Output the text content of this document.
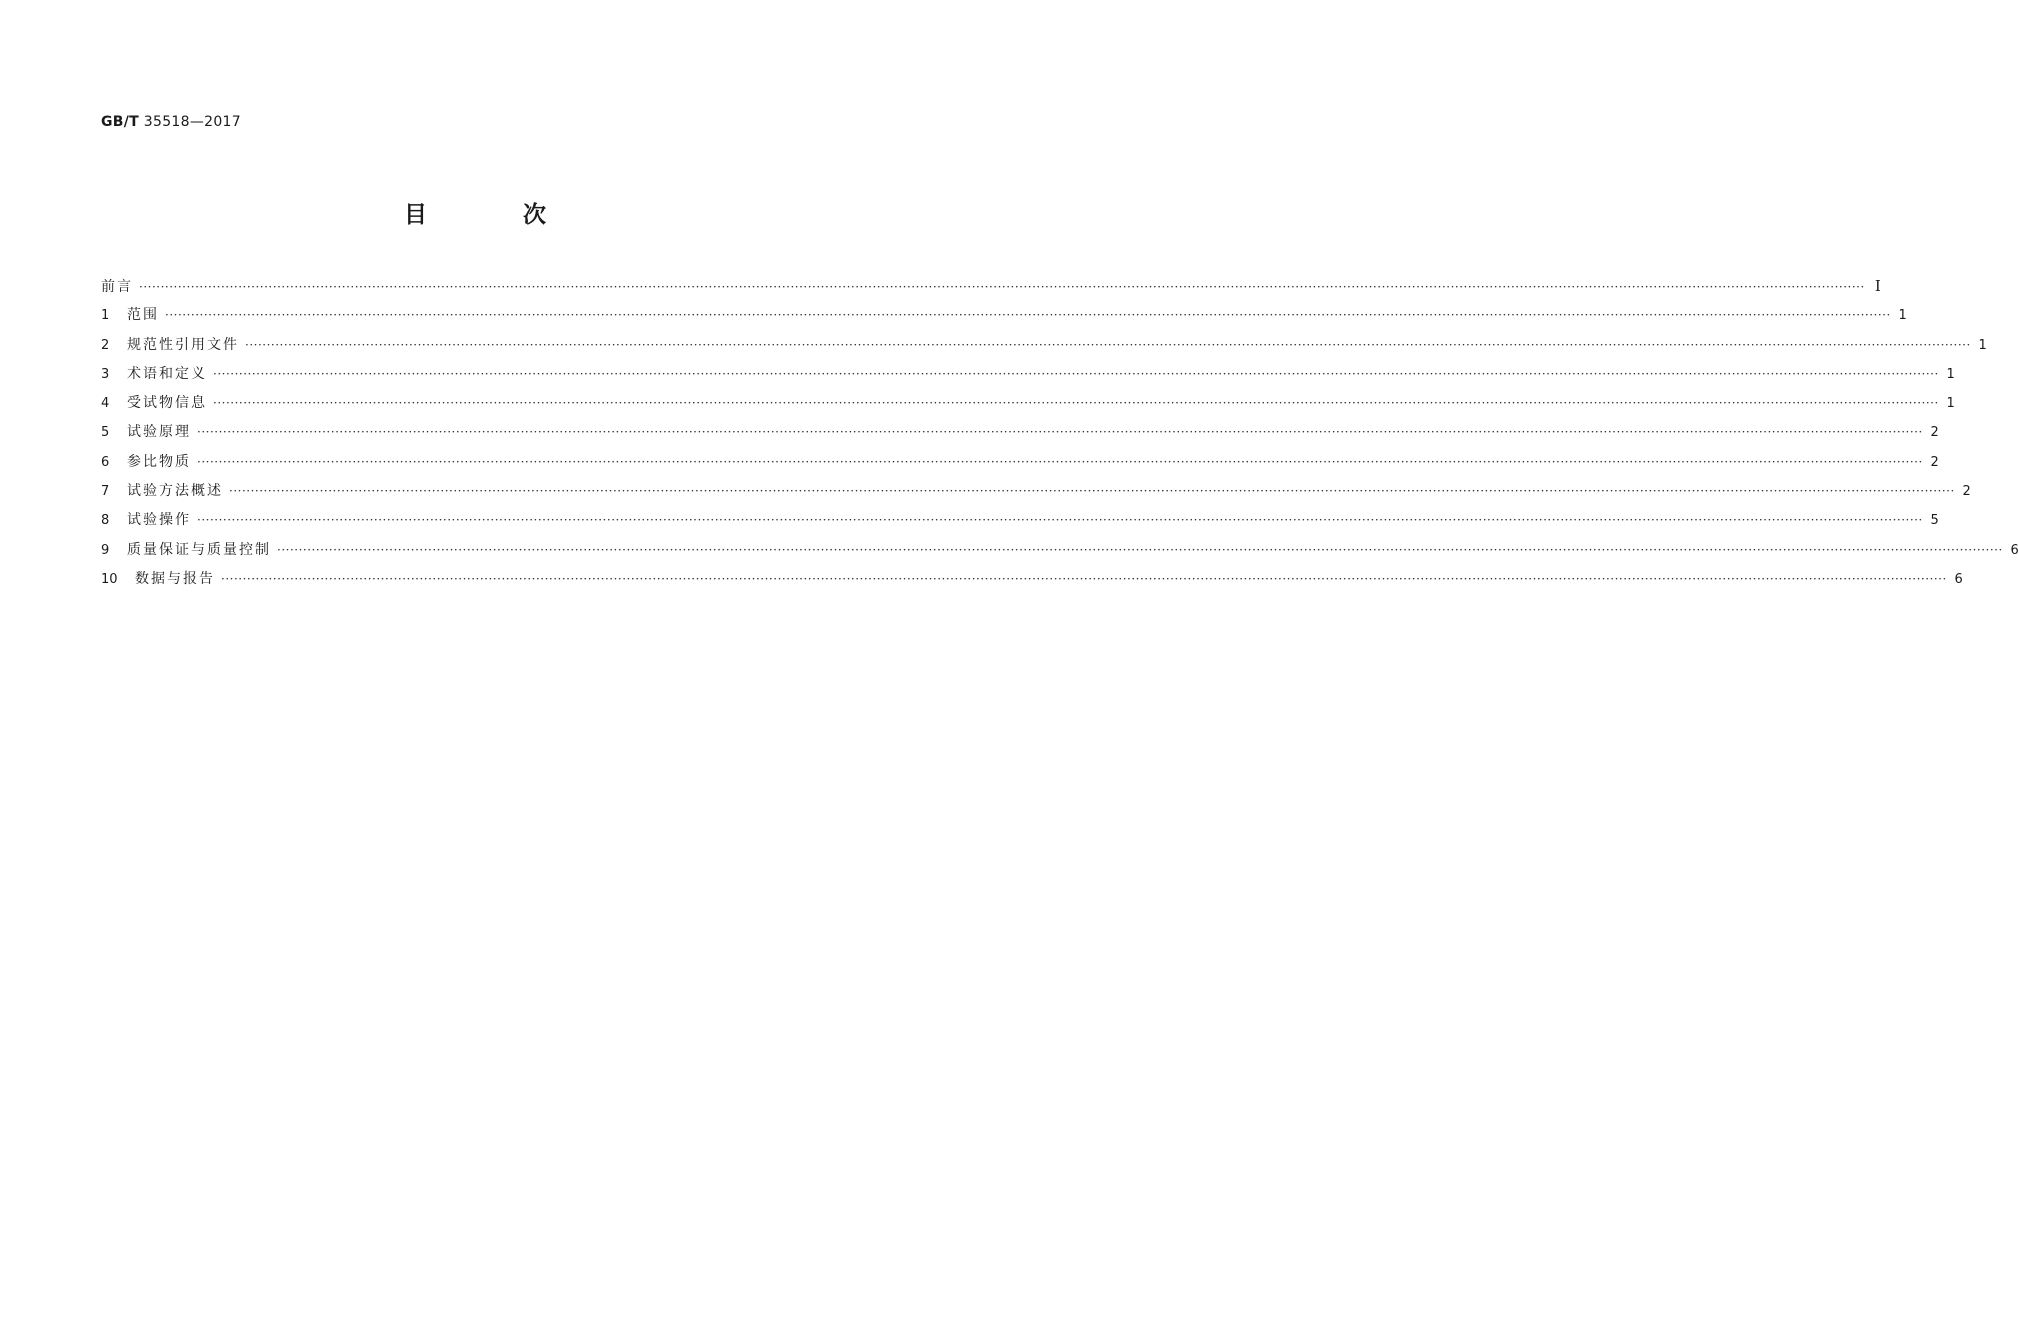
GB/T 35518—2017
目 次
前言 ················································································································································································································································································································································································································ Ⅰ
1	范围 ················································································································································································································································································································································································································ 1
2	规范性引用文件 ················································································································································································································································································································································································································ 1
3	术语和定义 ················································································································································································································································································································································································································ 1
4	受试物信息 ················································································································································································································································································································································································································ 1
5	试验原理 ················································································································································································································································································································································································································ 2
6	参比物质 ················································································································································································································································································································································································································ 2
7	试验方法概述 ················································································································································································································································································································································································································ 2
8	试验操作 ················································································································································································································································································································································································································ 5
9	质量保证与质量控制 ················································································································································································································································································································································································································ 6
10	数据与报告 ················································································································································································································································································································································································································ 6
